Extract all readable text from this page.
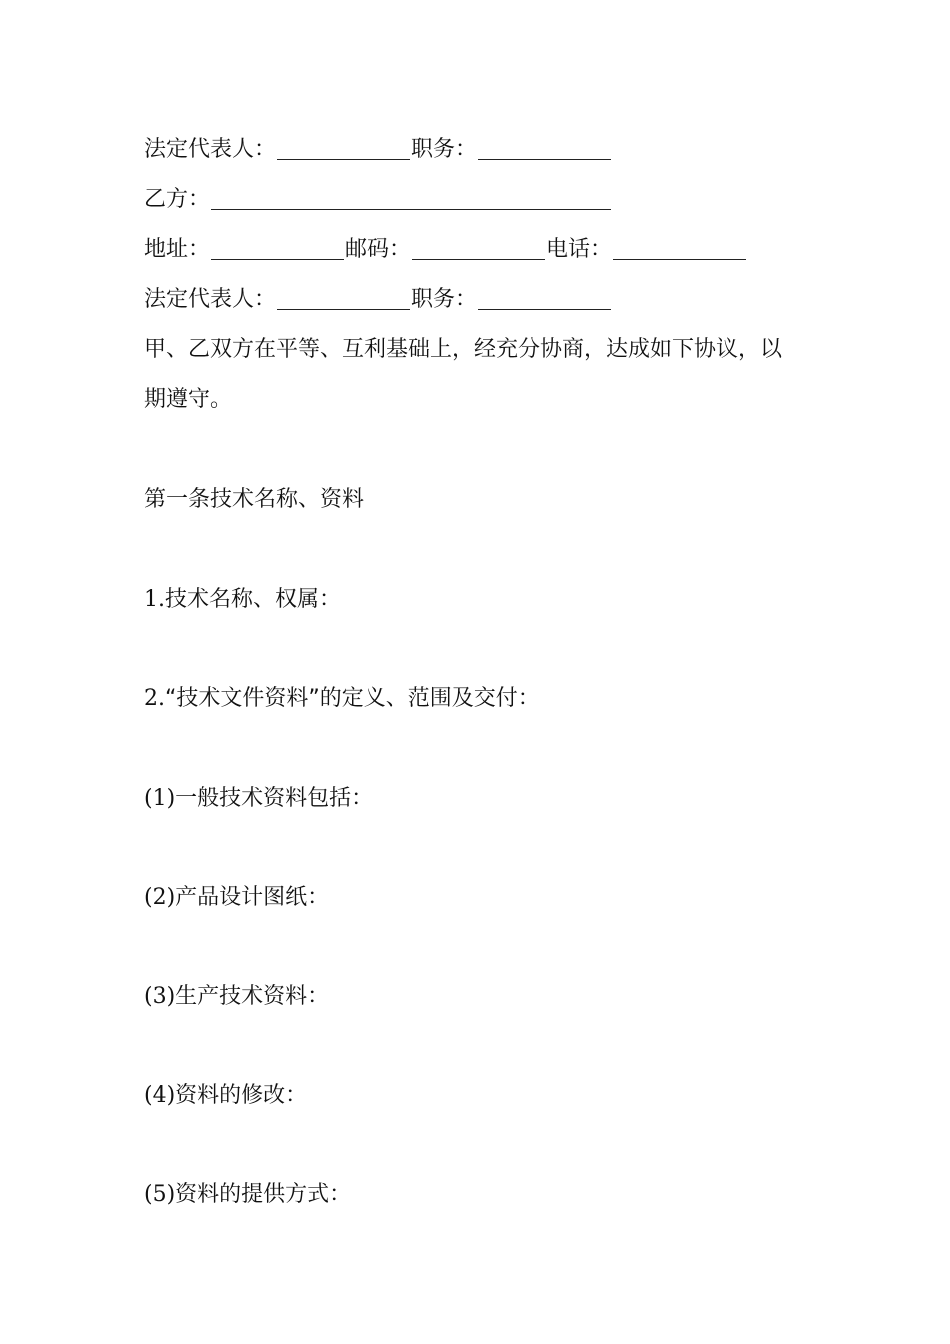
法定代表人：	职务：
乙方：
地址：	邮码：	电话：
法定代表人：	职务：
甲、乙双方在平等、互利基础上，经充分协商，达成如下协议，以
期遵守。
第一条技术名称、资料
1.技术名称、权属：
2.“技术文件资料”的定义、范围及交付：
(1)一般技术资料包括：
(2)产品设计图纸：
(3)生产技术资料：
(4)资料的修改：
(5)资料的提供方式：
